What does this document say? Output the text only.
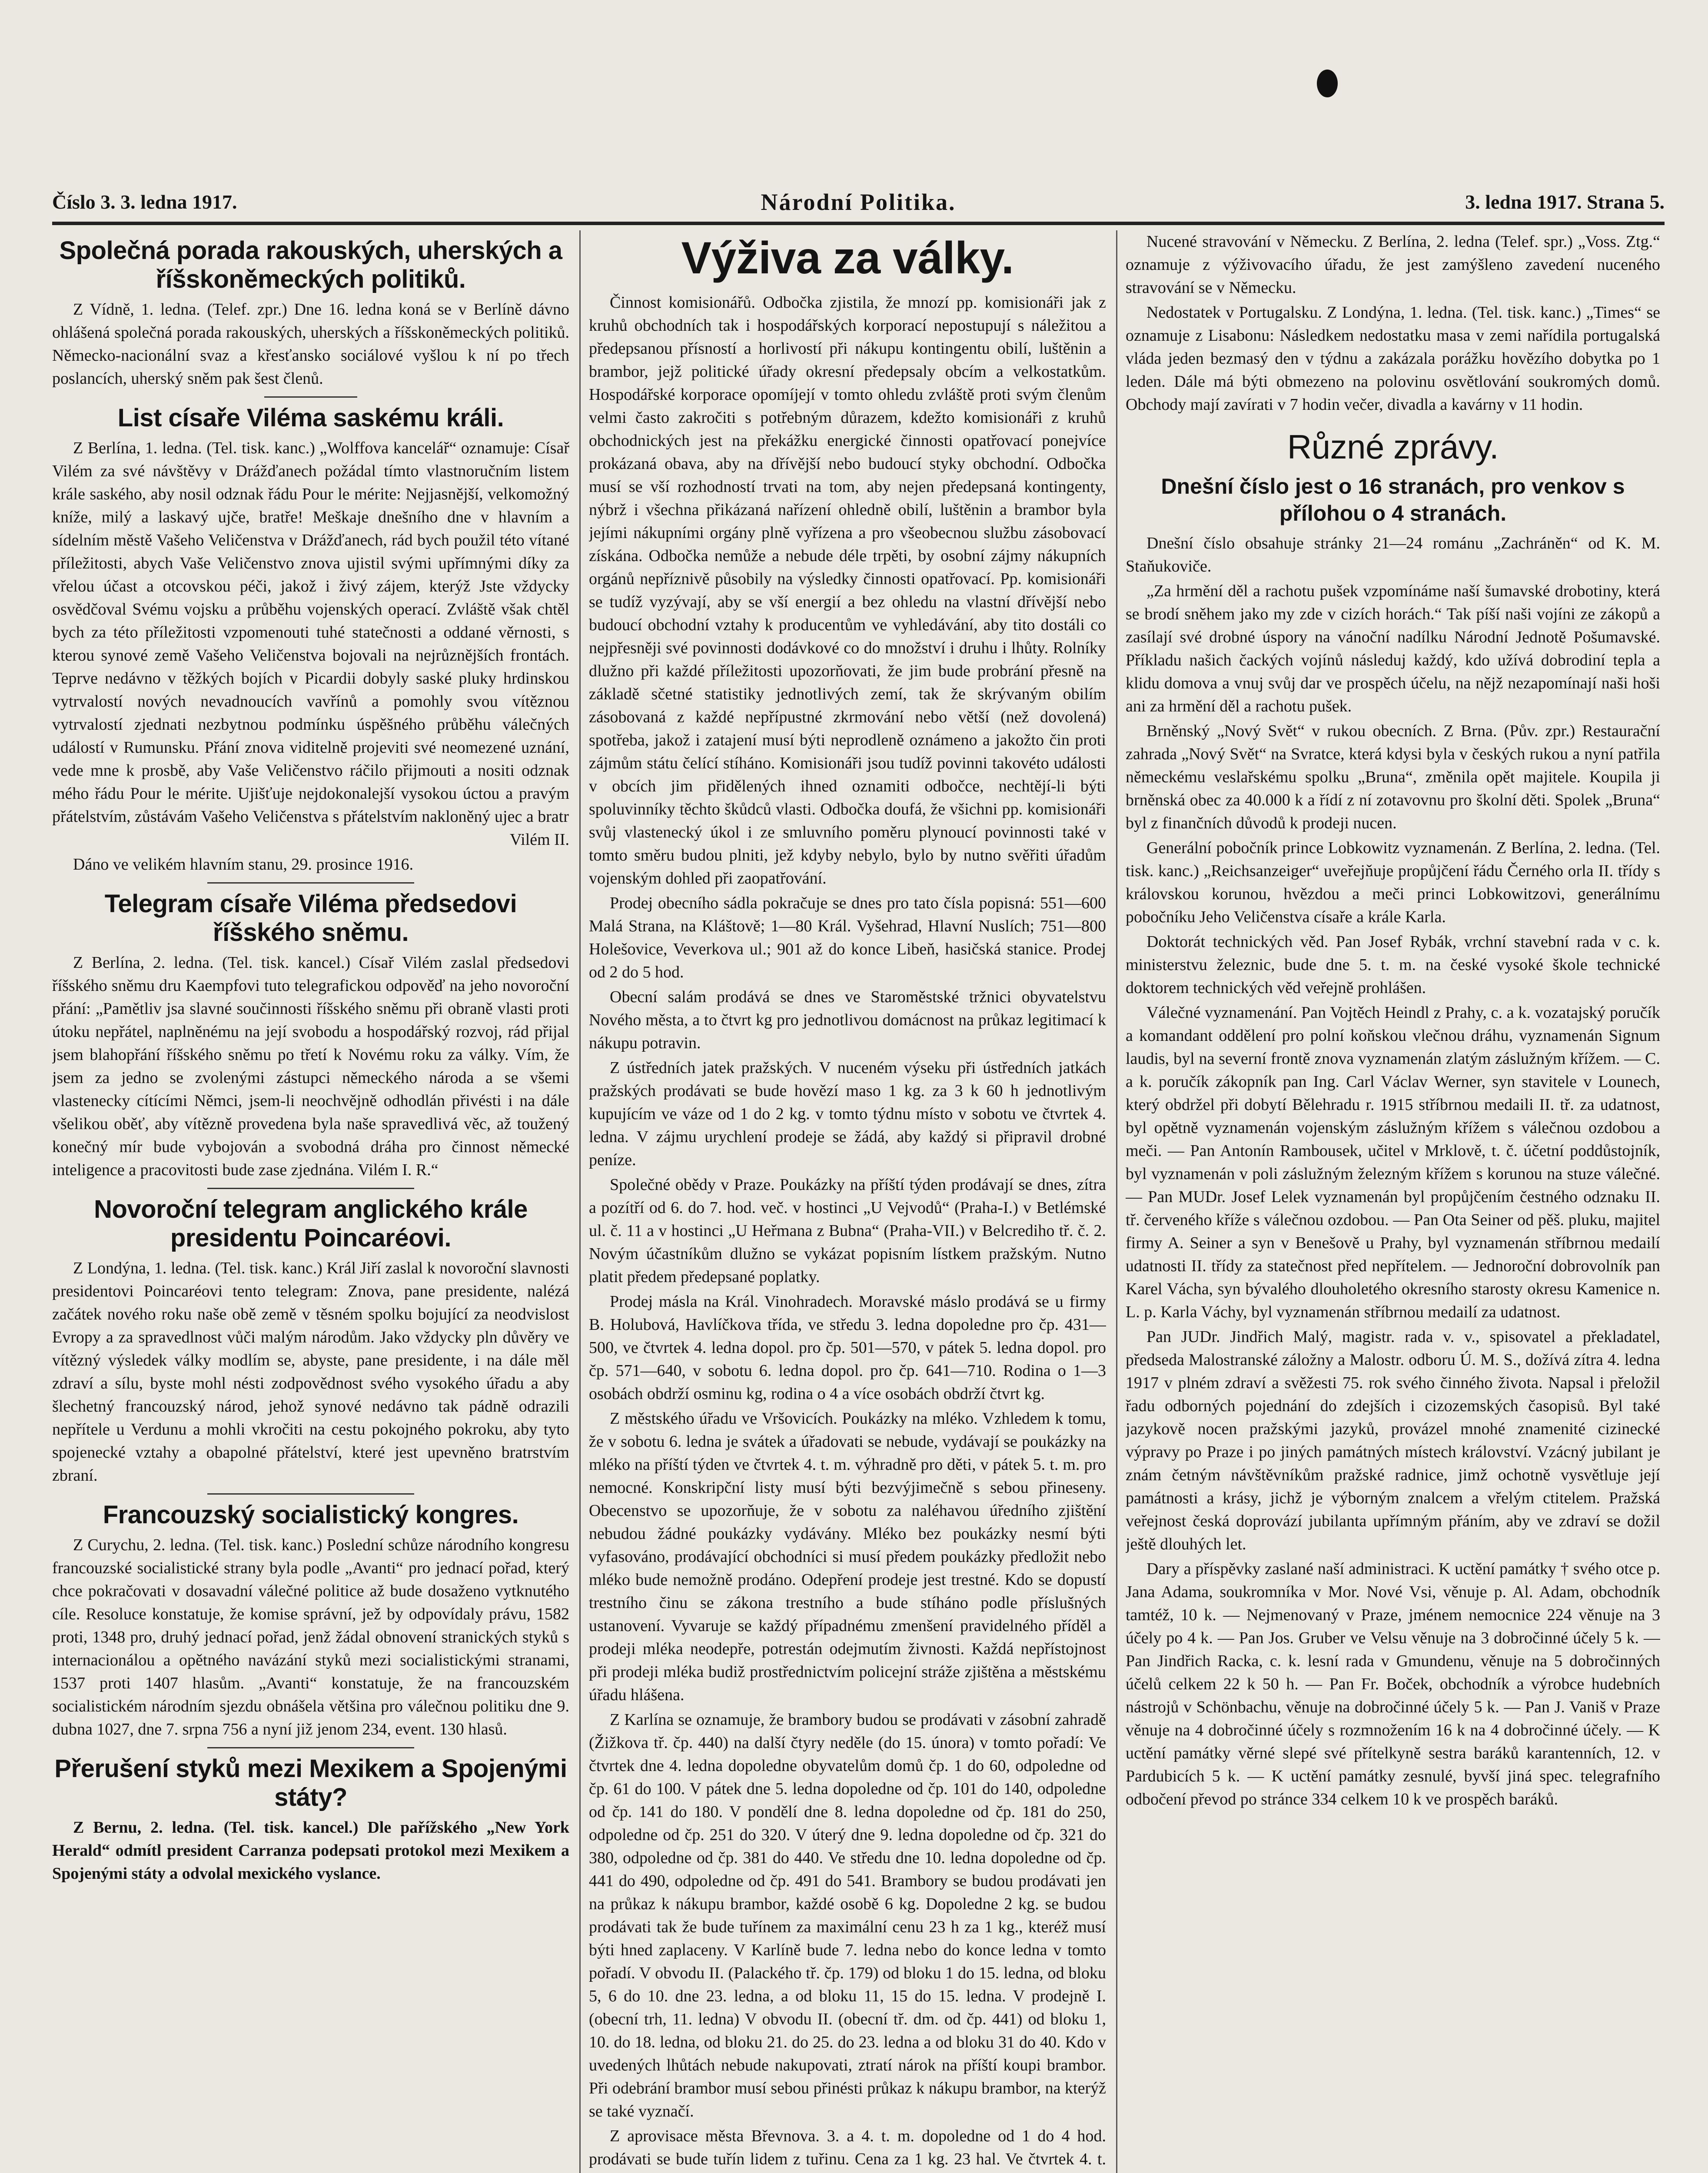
Číslo 3. 3. ledna 1917.	Národní Politika.	3. ledna 1917. Strana 5.
Společná porada rakouských, uherských a říšskoněmeckých politiků.

Z Vídně, 1. ledna. (Telef. zpr.) Dne 16. ledna koná se v Berlíně dávno ohlášená společná porada rakouských, uherských a říšskoněmeckých politiků. Německo-nacionální svaz a křesťansko sociálové vyšlou k ní po třech poslancích, uherský sněm pak šest členů.

List císaře Viléma saskému králi.

Z Berlína, 1. ledna. (Tel. tisk. kanc.) „Wolffova kancelář“ oznamuje: Císař Vilém za své návštěvy v Drážďanech požádal tímto vlastnoručním listem krále saského, aby nosil odznak řádu Pour le mérite: Nejjasnější, velkomožný kníže, milý a laskavý ujče, bratře! Meškaje dnešního dne v hlavním a sídelním městě Vašeho Veličenstva v Drážďanech, rád bych použil této vítané příležitosti, abych Vaše Veličenstvo znova ujistil svými upřímnými díky za vřelou účast a otcovskou péči, jakož i živý zájem, kterýž Jste vždycky osvědčoval Svému vojsku a průběhu vojenských operací. Zvláště však chtěl bych za této příležitosti vzpomenouti tuhé statečnosti a oddané věrnosti, s kterou synové země Vašeho Veličenstva bojovali na nejrůznějších frontách. Teprve nedávno v těžkých bojích v Picardii dobyly saské pluky hrdinskou vytrvalostí nových nevadnoucích vavřínů a pomohly svou vítěznou vytrvalostí zjednati nezbytnou podmínku úspěšného průběhu válečných událostí v Rumunsku. Přání znova viditelně projeviti své neomezené uznání, vede mne k prosbě, aby Vaše Veličenstvo ráčilo přijmouti a nositi odznak mého řádu Pour le mérite. Ujišťuje nejdokonalejší vysokou úctou a pravým přátelstvím, zůstávám Vašeho Veličenstva s přátelstvím nakloněný ujec a bratr

Vilém II.

Dáno ve velikém hlavním stanu, 29. prosince 1916.

Telegram císaře Viléma předsedovi říšského sněmu.

Z Berlína, 2. ledna. (Tel. tisk. kancel.) Císař Vilém zaslal předsedovi říšského sněmu dru Kaempfovi tuto telegrafickou odpověď na jeho novoroční přání: „Pamětliv jsa slavné součinnosti říšského sněmu při obraně vlasti proti útoku nepřátel, naplněnému na její svobodu a hospodářský rozvoj, rád přijal jsem blahopřání říšského sněmu po třetí k Novému roku za války. Vím, že jsem za jedno se zvolenými zástupci německého národa a se všemi vlastenecky cítícími Němci, jsem-li neochvějně odhodlán přivésti i na dále všelikou oběť, aby vítězně provedena byla naše spravedlivá věc, až toužený konečný mír bude vybojován a svobodná dráha pro činnost německé inteligence a pracovitosti bude zase zjednána. Vilém I. R.“

Novoroční telegram anglického krále presidentu Poincaréovi.

Z Londýna, 1. ledna. (Tel. tisk. kanc.) Král Jiří zaslal k novoroční slavnosti presidentovi Poincaréovi tento telegram: Znova, pane presidente, nalézá začátek nového roku naše obě země v těsném spolku bojující za neodvislost Evropy a za spravedlnost vůči malým národům. Jako vždycky pln důvěry ve vítězný výsledek války modlím se, abyste, pane presidente, i na dále měl zdraví a sílu, byste mohl nésti zodpovědnost svého vysokého úřadu a aby šlechetný francouzský národ, jehož synové nedávno tak pádně odrazili nepřítele u Verdunu a mohli vkročiti na cestu pokojného pokroku, aby tyto spojenecké vztahy a obapolné přátelství, které jest upevněno bratrstvím zbraní.

Francouzský socialistický kongres.

Z Curychu, 2. ledna. (Tel. tisk. kanc.) Poslední schůze národního kongresu francouzské socialistické strany byla podle „Avanti“ pro jednací pořad, který chce pokračovati v dosavadní válečné politice až bude dosaženo vytknutého cíle. Resoluce konstatuje, že komise správní, jež by odpovídaly právu, 1582 proti, 1348 pro, druhý jednací pořad, jenž žádal obnovení stranických styků s internacionálou a opětného navázání styků mezi socialistickými stranami, 1537 proti 1407 hlasům. „Avanti“ konstatuje, že na francouzském socialistickém národním sjezdu obnášela většina pro válečnou politiku dne 9. dubna 1027, dne 7. srpna 756 a nyní již jenom 234, event. 130 hlasů.

Přerušení styků mezi Mexikem a Spojenými státy?

Z Bernu, 2. ledna. (Tel. tisk. kancel.) Dle pařížského „New York Herald“ odmítl president Carranza podepsati protokol mezi Mexikem a Spojenými státy a odvolal mexického vyslance.

Výživa za války.

Činnost komisionářů. Odbočka zjistila, že mnozí pp. komisionáři jak z kruhů obchodních tak i hospodářských korporací nepostupují s náležitou a předepsanou přísností a horlivostí při nákupu kontingentu obilí, luštěnin a brambor, jejž politické úřady okresní předepsaly obcím a velkostatkům. Hospodářské korporace opomíjejí v tomto ohledu zvláště proti svým členům velmi často zakročiti s potřebným důrazem, kdežto komisionáři z kruhů obchodnických jest na překážku energické činnosti opatřovací ponejvíce prokázaná obava, aby na dřívější nebo budoucí styky obchodní. Odbočka musí se vší rozhodností trvati na tom, aby nejen předepsaná kontingenty, nýbrž i všechna přikázaná nařízení ohledně obilí, luštěnin a brambor byla jejími nákupními orgány plně vyřízena a pro všeobecnou službu zásobovací získána. Odbočka nemůže a nebude déle trpěti, by osobní zájmy nákupních orgánů nepříznivě působily na výsledky činnosti opatřovací. Pp. komisionáři se tudíž vyzývají, aby se vší energií a bez ohledu na vlastní dřívější nebo budoucí obchodní vztahy k producentům ve vyhledávání, aby tito dostáli co nejpřesněji své povinnosti dodávkové co do množství i druhu i lhůty. Rolníky dlužno při každé příležitosti upozorňovati, že jim bude probrání přesně na základě sčetné statistiky jednotlivých zemí, tak že skrývaným obilím zásobovaná z každé nepřípustné zkrmování nebo větší (než dovolená) spotřeba, jakož i zatajení musí býti neprodleně oznámeno a jakožto čin proti zájmům státu čelící stíháno. Komisionáři jsou tudíž povinni takovéto události v obcích jim přidělených ihned oznamiti odbočce, nechtějí-li býti spoluvinníky těchto škůdců vlasti. Odbočka doufá, že všichni pp. komisionáři svůj vlastenecký úkol i ze smluvního poměru plynoucí povinnosti také v tomto směru budou plniti, jež kdyby nebylo, bylo by nutno svěřiti úřadům vojenským dohled při zaopatřování.

Prodej obecního sádla pokračuje se dnes pro tato čísla popisná: 551—600 Malá Strana, na Kláštově; 1—80 Král. Vyšehrad, Hlavní Nuslích; 751—800 Holešovice, Veverkova ul.; 901 až do konce Libeň, hasičská stanice. Prodej od 2 do 5 hod.

Obecní salám prodává se dnes ve Staroměstské tržnici obyvatelstvu Nového města, a to čtvrt kg pro jednotlivou domácnost na průkaz legitimací k nákupu potravin.

Z ústředních jatek pražských. V nuceném výseku při ústředních jatkách pražských prodávati se bude hovězí maso 1 kg. za 3 k 60 h jednotlivým kupujícím ve váze od 1 do 2 kg. v tomto týdnu místo v sobotu ve čtvrtek 4. ledna. V zájmu urychlení prodeje se žádá, aby každý si připravil drobné peníze.

Společné obědy v Praze. Poukázky na příští týden prodávají se dnes, zítra a pozítří od 6. do 7. hod. več. v hostinci „U Vejvodů“ (Praha-I.) v Betlémské ul. č. 11 a v hostinci „U Heřmana z Bubna“ (Praha-VII.) v Belcrediho tř. č. 2. Novým účastníkům dlužno se vykázat popisním lístkem pražským. Nutno platit předem předepsané poplatky.

Prodej másla na Král. Vinohradech. Moravské máslo prodává se u firmy B. Holubová, Havlíčkova třída, ve středu 3. ledna dopoledne pro čp. 431—500, ve čtvrtek 4. ledna dopol. pro čp. 501—570, v pátek 5. ledna dopol. pro čp. 571—640, v sobotu 6. ledna dopol. pro čp. 641—710. Rodina o 1—3 osobách obdrží osminu kg, rodina o 4 a více osobách obdrží čtvrt kg.

Z městského úřadu ve Vršovicích. Poukázky na mléko. Vzhledem k tomu, že v sobotu 6. ledna je svátek a úřadovati se nebude, vydávají se poukázky na mléko na příští týden ve čtvrtek 4. t. m. výhradně pro děti, v pátek 5. t. m. pro nemocné. Konskripční listy musí býti bezvýjimečně s sebou přineseny. Obecenstvo se upozorňuje, že v sobotu za naléhavou úředního zjištění nebudou žádné poukázky vydávány. Mléko bez poukázky nesmí býti vyfasováno, prodávající obchodníci si musí předem poukázky předložit nebo mléko bude nemožně prodáno. Odepření prodeje jest trestné. Kdo se dopustí trestního činu se zákona trestního a bude stíháno podle příslušných ustanovení. Vyvaruje se každý případnému zmenšení pravidelného příděl a prodeji mléka neodepře, potrestán odejmutím živnosti. Každá nepřístojnost při prodeji mléka budiž prostřednictvím policejní stráže zjištěna a městskému úřadu hlášena.

Z Karlína se oznamuje, že brambory budou se prodávati v zásobní zahradě (Žižkova tř. čp. 440) na další čtyry neděle (do 15. února) v tomto pořadí: Ve čtvrtek dne 4. ledna dopoledne obyvatelům domů čp. 1 do 60, odpoledne od čp. 61 do 100. V pátek dne 5. ledna dopoledne od čp. 101 do 140, odpoledne od čp. 141 do 180. V pondělí dne 8. ledna dopoledne od čp. 181 do 250, odpoledne od čp. 251 do 320. V úterý dne 9. ledna dopoledne od čp. 321 do 380, odpoledne od čp. 381 do 440. Ve středu dne 10. ledna dopoledne od čp. 441 do 490, odpoledne od čp. 491 do 541. Brambory se budou prodávati jen na průkaz k nákupu brambor, každé osobě 6 kg. Dopoledne 2 kg. se budou prodávati tak že bude tuřínem za maximální cenu 23 h za 1 kg., kteréž musí býti hned zaplaceny. V Karlíně bude 7. ledna nebo do konce ledna v tomto pořadí. V obvodu II. (Palackého tř. čp. 179) od bloku 1 do 15. ledna, od bloku 5, 6 do 10. dne 23. ledna, a od bloku 11, 15 do 15. ledna. V prodejně I. (obecní trh, 11. ledna) V obvodu II. (obecní tř. dm. od čp. 441) od bloku 1, 10. do 18. ledna, od bloku 21. do 25. do 23. ledna a od bloku 31 do 40. Kdo v uvedených lhůtách nebude nakupovati, ztratí nárok na příští koupi brambor. Při odebrání brambor musí sebou přinésti průkaz k nákupu brambor, na kterýž se také vyznačí.

Z aprovisace města Břevnova. 3. a 4. t. m. dopoledne od 1 do 4 hod. prodávati se bude tuřín lidem z tuřinu. Cena za 1 kg. 23 hal. Ve čtvrtek 4. t.

Nucené stravování v Německu. Z Berlína, 2. ledna (Telef. spr.) „Voss. Ztg.“ oznamuje z výživovacího úřadu, že jest zamýšleno zavedení nuceného stravování se v Německu.

Nedostatek v Portugalsku. Z Londýna, 1. ledna. (Tel. tisk. kanc.) „Times“ se oznamuje z Lisabonu: Následkem nedostatku masa v zemi nařídila portugalská vláda jeden bezmasý den v týdnu a zakázala porážku hovězího dobytka po 1 leden. Dále má býti obmezeno na polovinu osvětlování soukromých domů. Obchody mají zavírati v 7 hodin večer, divadla a kavárny v 11 hodin.

Různé zprávy.
Dnešní číslo jest o 16 stranách, pro venkov s přílohou o 4 stranách.

Dnešní číslo obsahuje stránky 21—24 románu „Zachráněn“ od K. M. Staňukoviče.

„Za hrmění děl a rachotu pušek vzpomínáme naší šumavské drobotiny, která se brodí sněhem jako my zde v cizích horách.“ Tak píší naši vojíni ze zákopů a zasílají své drobné úspory na vánoční nadílku Národní Jednotě Pošumavské. Příkladu našich čackých vojínů následuj každý, kdo užívá dobrodiní tepla a klidu domova a vnuj svůj dar ve prospěch účelu, na nějž nezapomínají naši hoši ani za hrmění děl a rachotu pušek.

Brněnský „Nový Svět“ v rukou obecních. Z Brna. (Pův. zpr.) Restaurační zahrada „Nový Svět“ na Svratce, která kdysi byla v českých rukou a nyní patřila německému veslařskému spolku „Bruna“, změnila opět majitele. Koupila ji brněnská obec za 40.000 k a řídí z ní zotavovnu pro školní děti. Spolek „Bruna“ byl z finančních důvodů k prodeji nucen.

Generální pobočník prince Lobkowitz vyznamenán. Z Berlína, 2. ledna. (Tel. tisk. kanc.) „Reichsanzeiger“ uveřejňuje propůjčení řádu Černého orla II. třídy s královskou korunou, hvězdou a meči princi Lobkowitzovi, generálnímu pobočníku Jeho Veličenstva císaře a krále Karla.

Doktorát technických věd. Pan Josef Rybák, vrchní stavební rada v c. k. ministerstvu železnic, bude dne 5. t. m. na české vysoké škole technické doktorem technických věd veřejně prohlášen.

Válečné vyznamenání. Pan Vojtěch Heindl z Prahy, c. a k. vozatajský poručík a komandant oddělení pro polní koňskou vlečnou dráhu, vyznamenán Signum laudis, byl na severní frontě znova vyznamenán zlatým záslužným křížem. — C. a k. poručík zákopník pan Ing. Carl Václav Werner, syn stavitele v Lounech, který obdržel při dobytí Bělehradu r. 1915 stříbrnou medaili II. tř. za udatnost, byl opětně vyznamenán vojenským záslužným křížem s válečnou ozdobou a meči. — Pan Antonín Rambousek, učitel v Mrklově, t. č. účetní poddůstojník, byl vyznamenán v poli záslužným železným křížem s korunou na stuze válečné. — Pan MUDr. Josef Lelek vyznamenán byl propůjčením čestného odznaku II. tř. červeného kříže s válečnou ozdobou. — Pan Ota Seiner od pěš. pluku, majitel firmy A. Seiner a syn v Benešově u Prahy, byl vyznamenán stříbrnou medailí udatnosti II. třídy za statečnost před nepřítelem. — Jednoroční dobrovolník pan Karel Vácha, syn bývalého dlouholetého okresního starosty okresu Kamenice n. L. p. Karla Váchy, byl vyznamenán stříbrnou medailí za udatnost.

Pan JUDr. Jindřich Malý, magistr. rada v. v., spisovatel a překladatel, předseda Malostranské záložny a Malostr. odboru Ú. M. S., dožívá zítra 4. ledna 1917 v plném zdraví a svěžesti 75. rok svého činného života. Napsal i přeložil řadu odborných pojednání do zdejších i cizozemských časopisů. Byl také jazykově nocen pražskými jazyků, provázel mnohé znamenité cizinecké výpravy po Praze i po jiných památných místech království. Vzácný jubilant je znám četným návštěvníkům pražské radnice, jimž ochotně vysvětluje její památnosti a krásy, jichž je výborným znalcem a vřelým ctitelem. Pražská veřejnost česká doprovází jubilanta upřímným přáním, aby ve zdraví se dožil ještě dlouhých let.

Dary a příspěvky zaslané naší administraci. K uctění památky † svého otce p. Jana Adama, soukromníka v Mor. Nové Vsi, věnuje p. Al. Adam, obchodník tamtéž, 10 k. — Nejmenovaný v Praze, jménem nemocnice 224 věnuje na 3 účely po 4 k. — Pan Jos. Gruber ve Velsu věnuje na 3 dobročinné účely 5 k. — Pan Jindřich Racka, c. k. lesní rada v Gmundenu, věnuje na 5 dobročinných účelů celkem 22 k 50 h. — Pan Fr. Boček, obchodník a výrobce hudebních nástrojů v Schönbachu, věnuje na dobročinné účely 5 k. — Pan J. Vaniš v Praze věnuje na 4 dobročinné účely s rozmnožením 16 k na 4 dobročinné účely. — K uctění památky věrné slepé své přítelkyně sestra baráků karantenních, 12. v Pardubicích 5 k. — K uctění památky zesnulé, byvší jiná spec. telegrafního odbočení převod po stránce 334 celkem 10 k ve prospěch baráků.
